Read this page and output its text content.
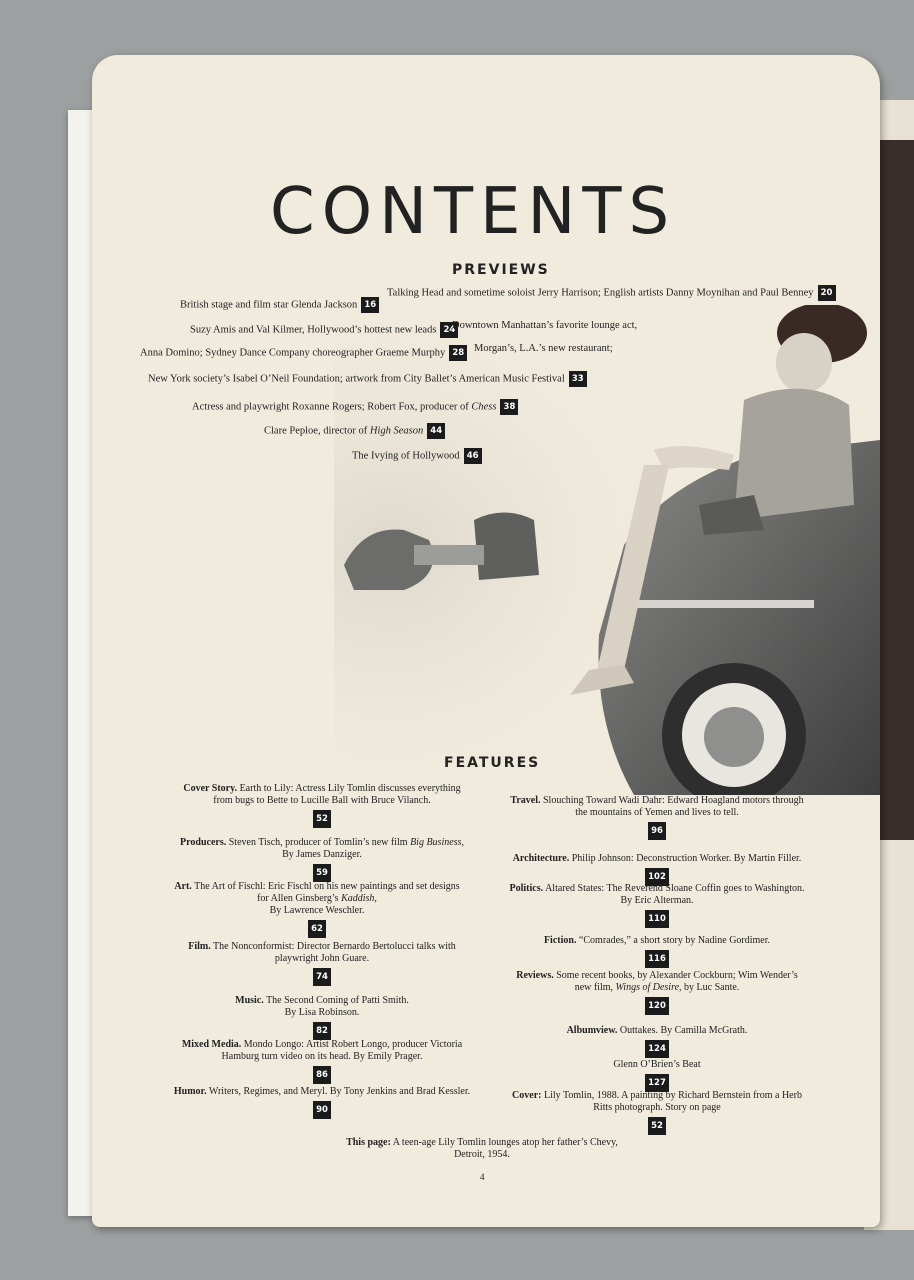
CONTENTS
PREVIEWS
British stage and film star Glenda Jackson 16
Talking Head and sometime soloist Jerry Harrison; English artists Danny Moynihan and Paul Benney 20
Suzy Amis and Val Kilmer, Hollywood’s hottest new leads 24
Downtown Manhattan’s favorite lounge act,
Anna Domino; Sydney Dance Company choreographer Graeme Murphy 28 Morgan’s, L.A.’s new restaurant;
New York society’s Isabel O’Neil Foundation; artwork from City Ballet’s American Music Festival 33
Actress and playwright Roxanne Rogers; Robert Fox, producer of Chess 38
Clare Peploe, director of High Season 44
The Ivying of Hollywood 46
FEATURES
Cover Story. Earth to Lily: Actress Lily Tomlin discusses everything
from bugs to Bette to Lucille Ball with Bruce Vilanch.
52
Producers. Steven Tisch, producer of Tomlin’s new film Big Business,
By James Danziger.
59
Art. The Art of Fischl: Eric Fischl on his new paintings and set designs
for Allen Ginsberg’s Kaddish,
By Lawrence Weschler.
62
Film. The Nonconformist: Director Bernardo Bertolucci talks with
playwright John Guare.
74
Music. The Second Coming of Patti Smith.
By Lisa Robinson.
82
Mixed Media. Mondo Longo: Artist Robert Longo, producer Victoria
Hamburg turn video on its head. By Emily Prager.
86
Humor. Writers, Regimes, and Meryl. By Tony Jenkins and Brad Kessler.
90
Travel. Slouching Toward Wadi Dahr: Edward Hoagland motors through
the mountains of Yemen and lives to tell.
96
Architecture. Philip Johnson: Deconstruction Worker. By Martin Filler.
102
Politics. Altared States: The Reverend Sloane Coffin goes to Washington.
By Eric Alterman.
110
Fiction. “Comrades,” a short story by Nadine Gordimer.
116
Reviews. Some recent books, by Alexander Cockburn; Wim Wender’s
new film, Wings of Desire, by Luc Sante.
120
Albumview. Outtakes. By Camilla McGrath.
124
Glenn O’Brien’s Beat
127
Cover: Lily Tomlin, 1988. A painting by Richard Bernstein from a Herb
Ritts photograph. Story on page
52
This page: A teen-age Lily Tomlin lounges atop her father’s Chevy,
Detroit, 1954.
4
